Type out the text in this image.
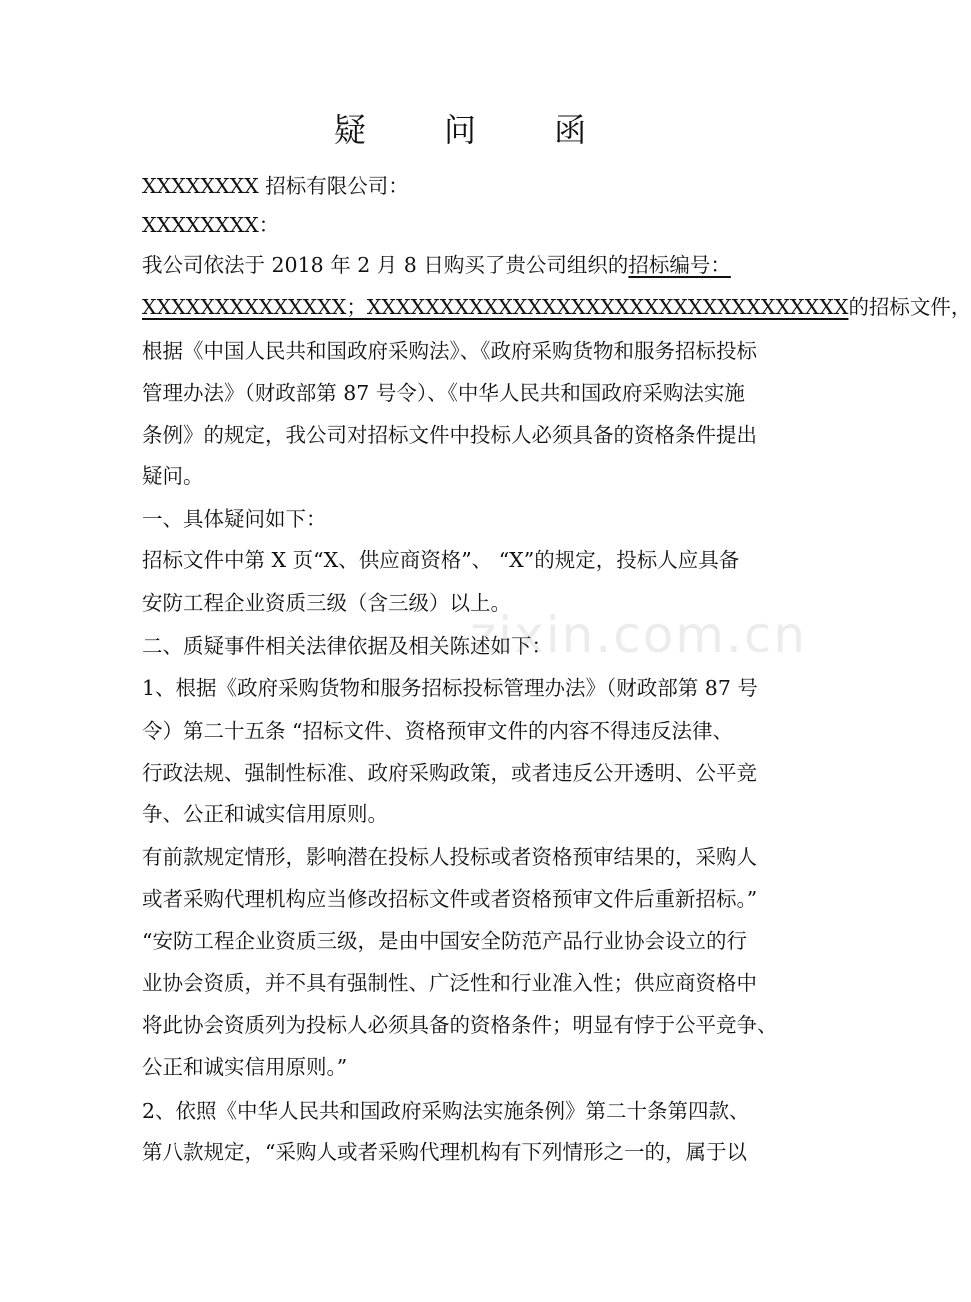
疑 问 函
XXXXXXXX 招标有限公司：
XXXXXXXX：
我公司依法于 2018 年 2 月 8 日购买了贵公司组织的招标编号：
XXXXXXXXXXXXXX；XXXXXXXXXXXXXXXXXXXXXXXXXXXXXXXXX的招标文件，
根据《中国人民共和国政府采购法》、《政府采购货物和服务招标投标
管理办法》（财政部第 87 号令）、《中华人民共和国政府采购法实施
条例》的规定，我公司对招标文件中投标人必须具备的资格条件提出
疑问。
一、具体疑问如下：
招标文件中第 X 页“X、供应商资格”、 “X”的规定，投标人应具备
安防工程企业资质三级（含三级）以上。
二、质疑事件相关法律依据及相关陈述如下：
1、根据《政府采购货物和服务招标投标管理办法》（财政部第 87 号
令）第二十五条 “招标文件、资格预审文件的内容不得违反法律、
行政法规、强制性标准、政府采购政策，或者违反公开透明、公平竞
争、公正和诚实信用原则。
有前款规定情形，影响潜在投标人投标或者资格预审结果的，采购人
或者采购代理机构应当修改招标文件或者资格预审文件后重新招标。”
“安防工程企业资质三级，是由中国安全防范产品行业协会设立的行
业协会资质，并不具有强制性、广泛性和行业准入性；供应商资格中
将此协会资质列为投标人必须具备的资格条件；明显有悖于公平竞争、
公正和诚实信用原则。”
2、依照《中华人民共和国政府采购法实施条例》第二十条第四款、
第八款规定，“采购人或者采购代理机构有下列情形之一的，属于以
zixin.com.cn
